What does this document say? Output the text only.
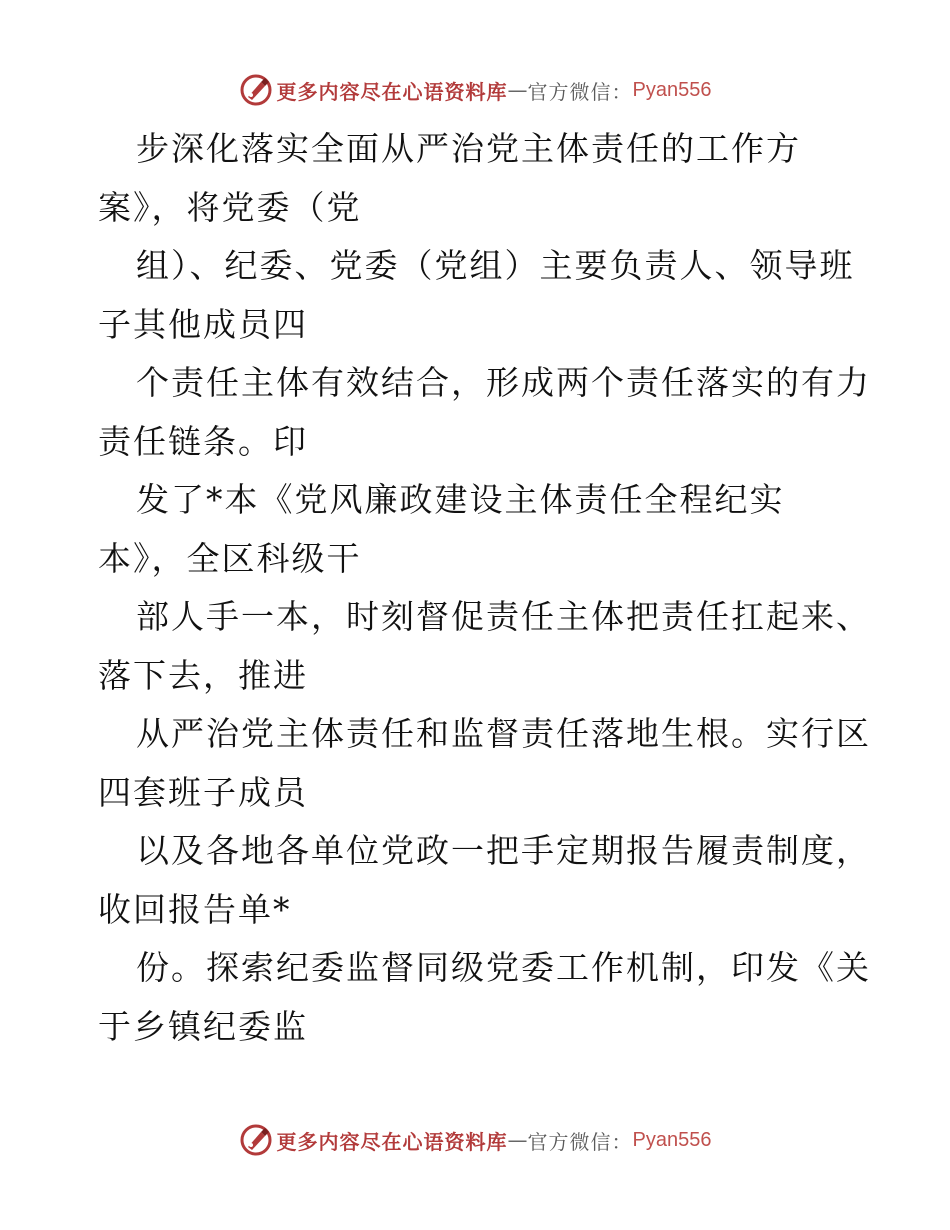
更多内容尽在心语资料库 — 官方微信： Pyan556
步深化落实全面从严治党主体责任的工作方
案》，将党委（党
组）、纪委、党委（党组）主要负责人、领导班
子其他成员四
个责任主体有效结合，形成两个责任落实的有力
责任链条。印
发了*本《党风廉政建设主体责任全程纪实
本》，全区科级干
部人手一本，时刻督促责任主体把责任扛起来、
落下去，推进
从严治党主体责任和监督责任落地生根。实行区
四套班子成员
以及各地各单位党政一把手定期报告履责制度，
收回报告单*
份。探索纪委监督同级党委工作机制，印发《关
于乡镇纪委监
更多内容尽在心语资料库 — 官方微信： Pyan556
